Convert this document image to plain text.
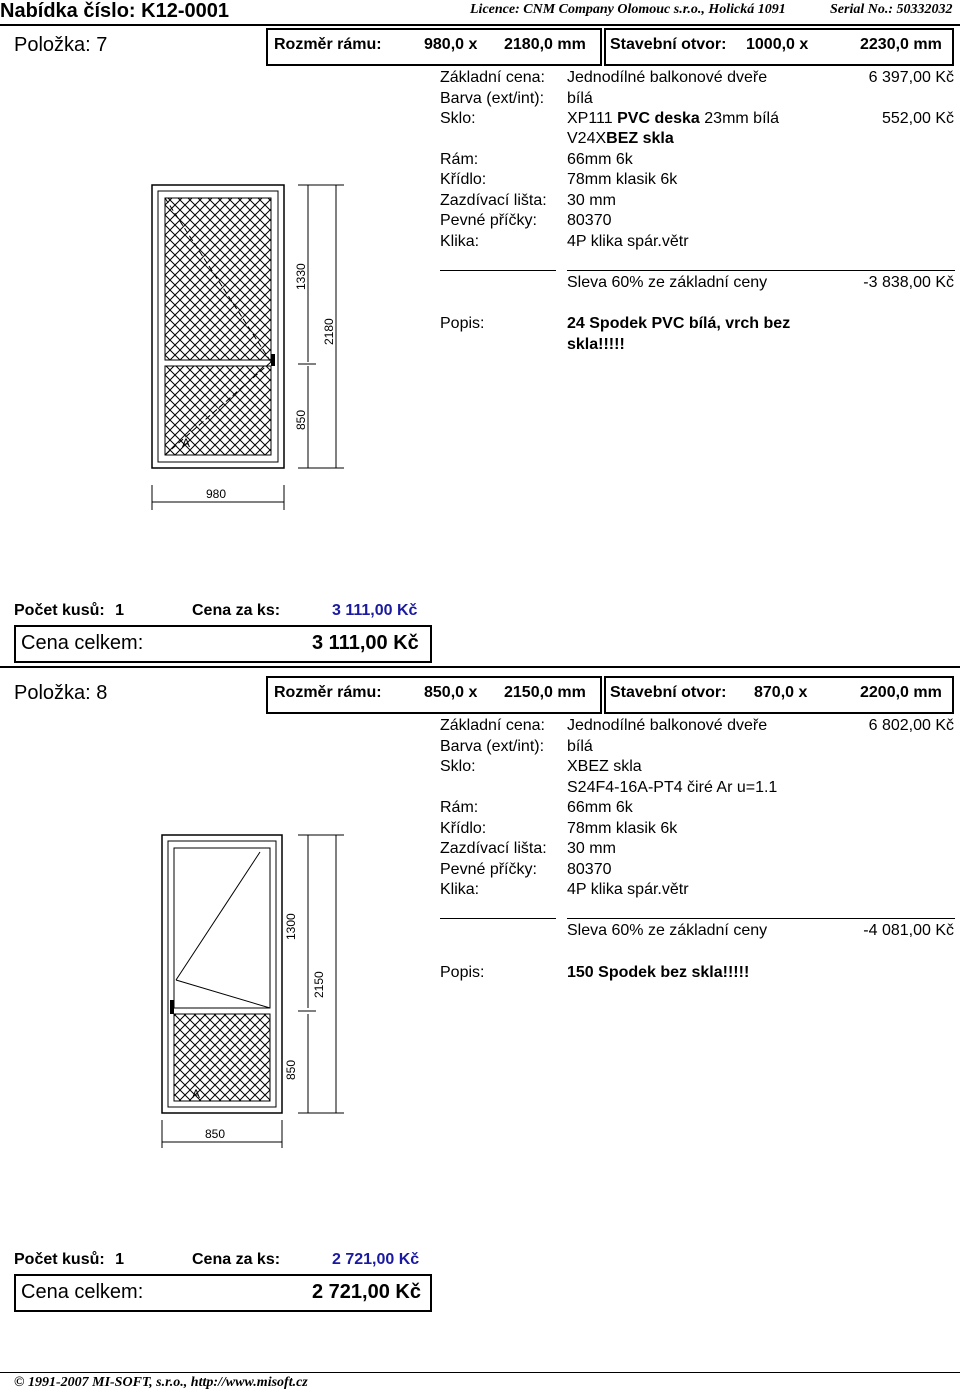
Nabídka číslo: K12-0001	Licence: CNM Company Olomouc s.r.o., Holická 1091	Serial No.: 50332032
Položka: 7	Rozměr rámu:	980,0 x 2180,0 mm Stavební otvor: 1000,0 x	2230,0 mm
Základní cena: Jednodílné balkonové dveře	6 397,00 Kč
Barva (ext/int): bílá
Sklo:	XP111 PVC deska 23mm bílá	552,00 Kč
V24XBEZ skla
Rám:	66mm 6k
Křídlo:	78mm klasik 6k
Zazdívací lišta: 30 mm
Pevné příčky: 80370
Klika:	4P klika spár.větr
Sleva 60% ze základní ceny	-3 838,00 Kč
Popis:	24 Spodek PVC bílá, vrch bez
skla!!!!!
A
1330
2180
850
980
Počet kusů: 1	Cena za ks:	3 111,00 Kč
Cena celkem:	3 111,00 Kč
Položka: 8	Rozměr rámu:	850,0 x 2150,0 mm Stavební otvor: 870,0 x	2200,0 mm
Základní cena: Jednodílné balkonové dveře	6 802,00 Kč
Barva (ext/int): bílá
Sklo:	XBEZ skla
S24F4-16A-PT4 čiré Ar u=1.1
Rám:	66mm 6k
Křídlo:	78mm klasik 6k
Zazdívací lišta: 30 mm
Pevné příčky: 80370
Klika:	4P klika spár.větr
Sleva 60% ze základní ceny	-4 081,00 Kč
Popis:	150 Spodek bez skla!!!!!
A
1300
2150
850
850
Počet kusů: 1	Cena za ks:	2 721,00 Kč
Cena celkem:	2 721,00 Kč
© 1991-2007 MI-SOFT, s.r.o., http://www.misoft.cz
